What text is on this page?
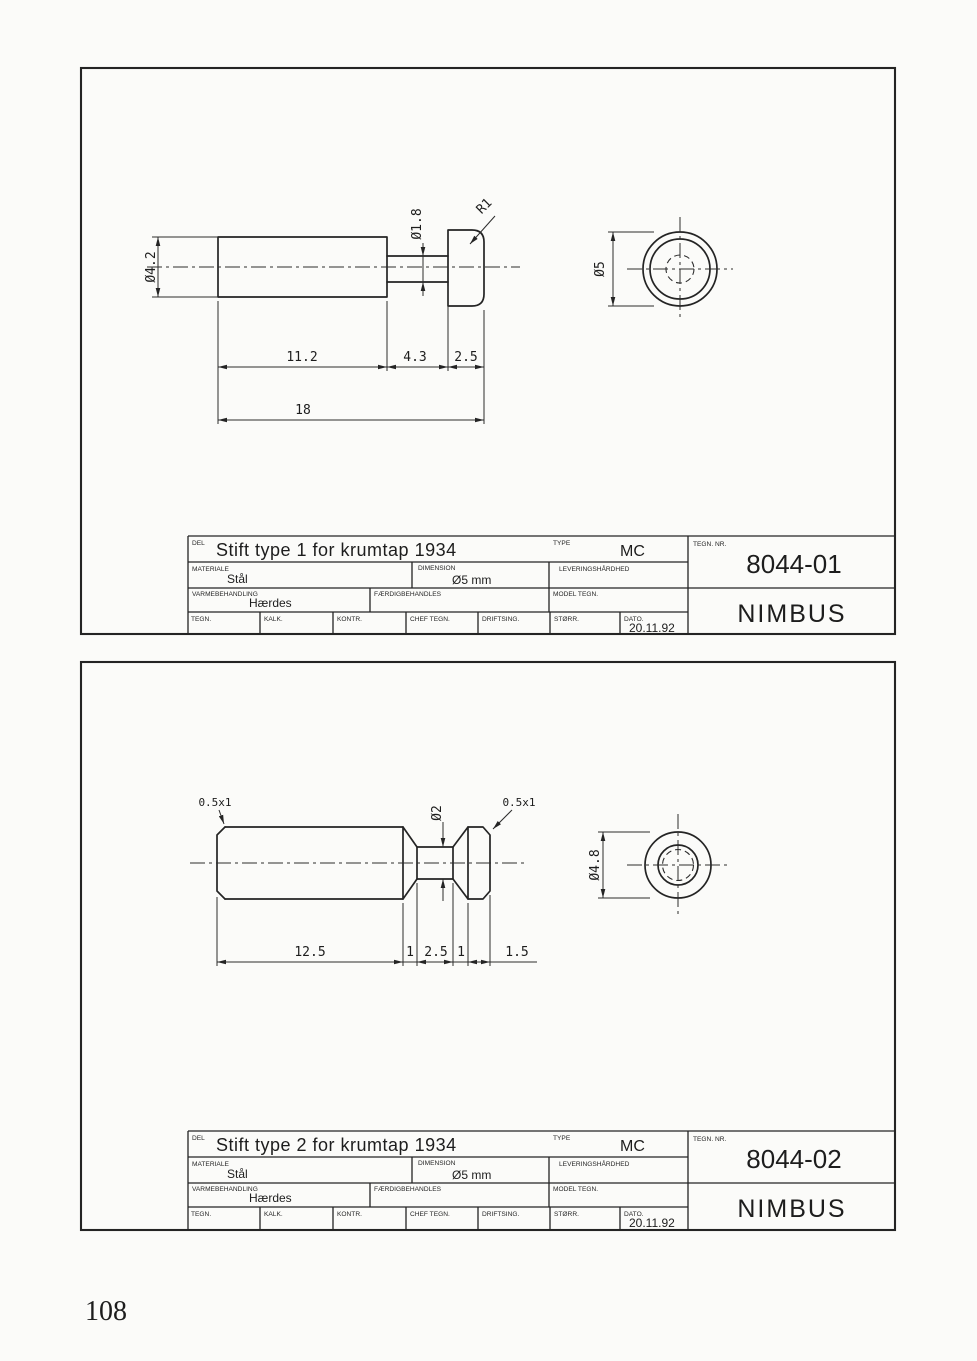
Ø4.2
Ø1.8
R1
11.2	4.3 2.5
18
Ø5
DEL Stift type 1 for krumtap 1934	TYPE	MC
MATERIALE
Stål
DIMENSION
Ø5 mm
LEVERINGSHÅRDHED
VARMEBEHANDLING
Hærdes
FÆRDIGBEHANDLES	MODEL TEGN.
TEGN.	KALK.	KONTR.	CHEF TEGN.	DRIFTSING.	STØRR.	DATO.
20.11.92
TEGN. NR.
8044-01
NIMBUS
0.5x1	0.5x1
Ø2
12.5	1 2.5 1	1.5
Ø4.8
DEL Stift type 2 for krumtap 1934	TYPE	MC
MATERIALE
Stål
DIMENSION
Ø5 mm
LEVERINGSHÅRDHED
VARMEBEHANDLING
Hærdes
FÆRDIGBEHANDLES	MODEL TEGN.
TEGN.	KALK.	KONTR.	CHEF TEGN.	DRIFTSING.	STØRR.	DATO.
20.11.92
TEGN. NR.
8044-02
NIMBUS
108
